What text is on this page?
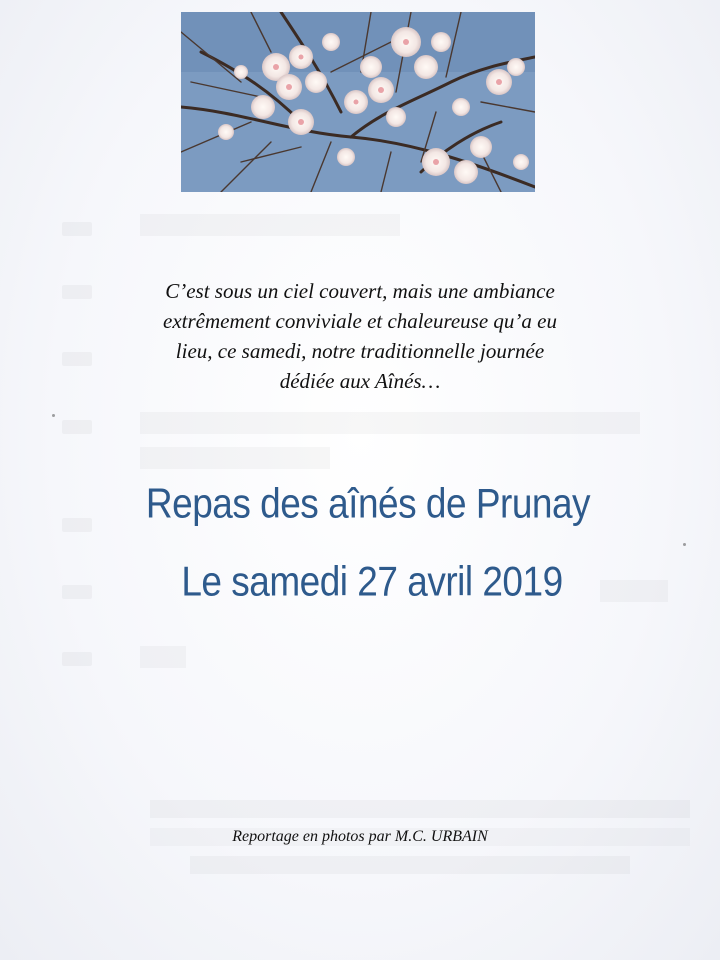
C’est sous un ciel couvert, mais une ambiance
extrêmement conviviale et chaleureuse qu’a eu
lieu, ce samedi, notre traditionnelle journée
dédiée aux Aînés…
Repas des aînés de Prunay
Le samedi 27 avril 2019
Reportage en photos par M.C. URBAIN
